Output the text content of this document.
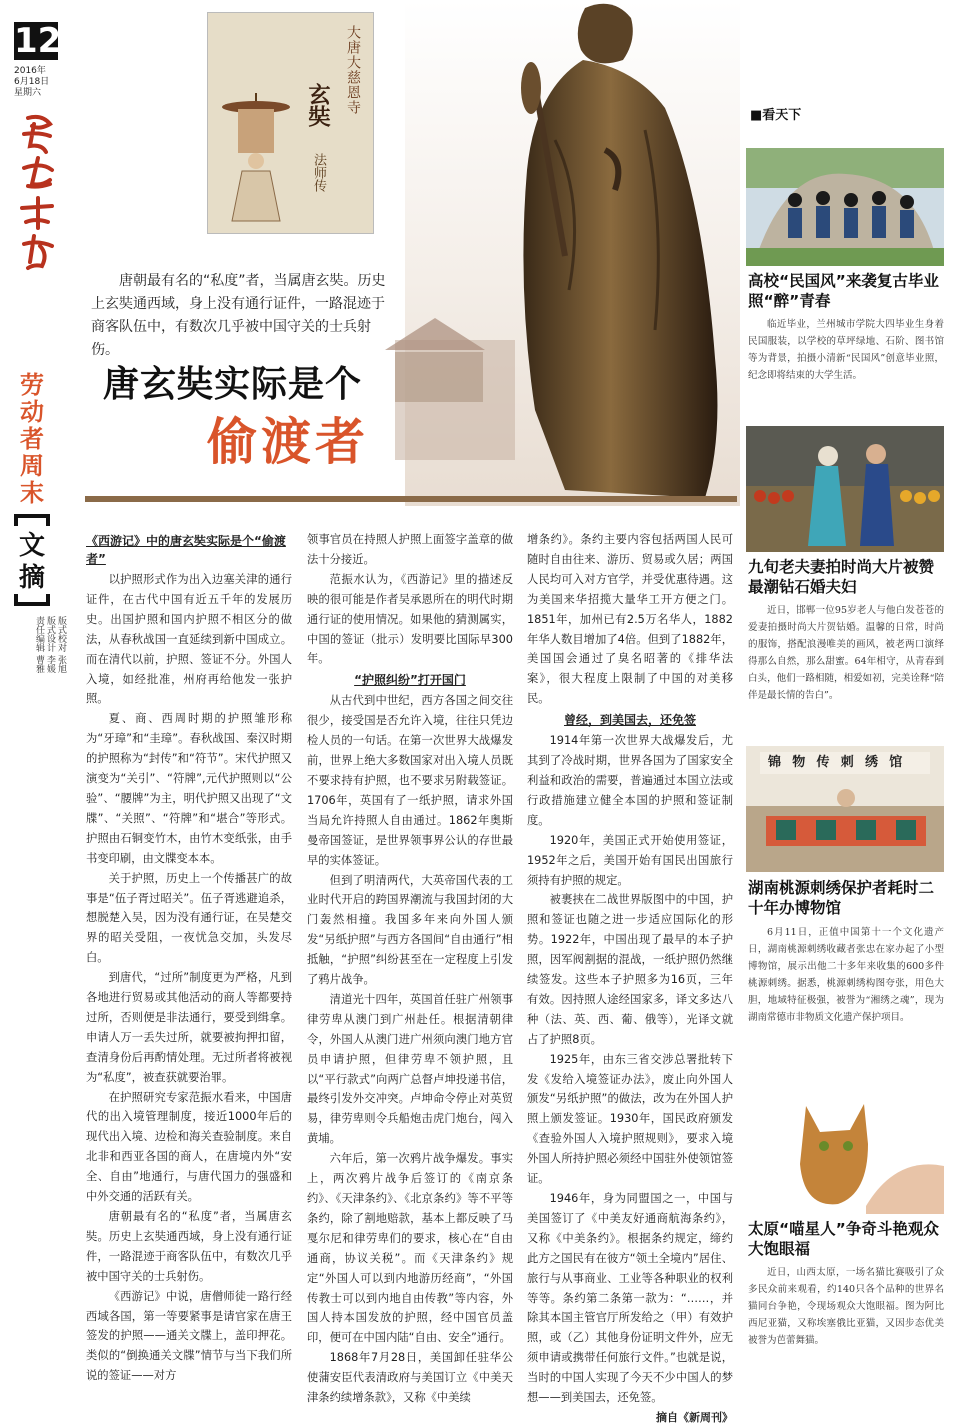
12
2016年
6月18日
星期六
劳动者周末
文摘
版式校对 张旭
版式设计 李媛
责任编辑 曹雅
大唐大慈恩寺
玄奘
法师传
唐朝最有名的“私度”者，当属唐玄奘。历史上玄奘通西域，身上没有通行证件，一路混迹于商客队伍中，有数次几乎被中国守关的士兵射伤。
唐玄奘实际是个
偷渡者
《西游记》中的唐玄奘实际是个“偷渡者”

以护照形式作为出入边塞关津的通行证件，在古代中国有近五千年的发展历史。出国护照和国内护照不相区分的做法，从春秋战国一直延续到新中国成立。而在清代以前，护照、签证不分。外国人入境，如经批准，州府再给他发一张护照。

夏、商、西周时期的护照雏形称为“牙璋”和“圭璋”。春秋战国、秦汉时期的护照称为“封传”和“符节”。宋代护照又演变为“关引”、“符牌”,元代护照则以“公验”、“腰牌”为主，明代护照又出现了“文牒”、“关照”、“符牌”和“堪合”等形式。护照由石铜变竹木，由竹木变纸张，由手书变印刷，由文牒变本本。

关于护照，历史上一个传播甚广的故事是“伍子胥过昭关”。伍子胥逃避追杀，想脱楚入吴，因为没有通行证，在吴楚交界的昭关受阻，一夜忧急交加，头发尽白。

到唐代，“过所”制度更为严格，凡到各地进行贸易或其他活动的商人等都要持过所，否则便是非法通行，要受到缉拿。申请人万一丢失过所，就要被拘押扣留，查清身份后再酌情处理。无过所者将被视为“私度”，被查获就要治罪。

在护照研究专家范振水看来，中国唐代的出入境管理制度，接近1000年后的现代出入境、边检和海关查验制度。来自北非和西亚各国的商人，在唐境内外“安全、自由”地通行，与唐代国力的强盛和中外交通的活跃有关。

唐朝最有名的“私度”者，当属唐玄奘。历史上玄奘通西域，身上没有通行证件，一路混迹于商客队伍中，有数次几乎被中国守关的士兵射伤。

《西游记》中说，唐僧师徒一路行经西域各国，第一等要紧事是请官家在唐王签发的护照——通关文牒上，盖印押花。类似的“倒换通关文牒”情节与当下我们所说的签证——对方

领事官员在持照人护照上面签字盖章的做法十分接近。

范振水认为，《西游记》里的描述反映的很可能是作者吴承恩所在的明代时期通行证的使用情况。如果他的猜测属实，中国的签证（批示）发明要比国际早300年。

“护照纠纷”打开国门

从古代到中世纪，西方各国之间交往很少，接受国是否允许入境，往往只凭边检人员的一句话。在第一次世界大战爆发前，世界上绝大多数国家对出入境人员既不要求持有护照，也不要求另附载签证。1706年，英国有了一纸护照，请求外国当局允许持照人自由通过。1862年奥斯曼帝国签证，是世界领事界公认的存世最早的实体签证。

但到了明清两代，大英帝国代表的工业时代开启的跨国界潮流与我国封闭的大门轰然相撞。我国多年来向外国人颁发“另纸护照”与西方各国间“自由通行”相抵触，“护照”纠纷甚至在一定程度上引发了鸦片战争。

清道光十四年，英国首任驻广州领事律劳卑从澳门到广州赴任。根据清朝律令，外国人从澳门进广州须向澳门地方官员申请护照，但律劳卑不领护照，且以“平行款式”向两广总督卢坤投递书信，最终引发外交冲突。卢坤命令停止对英贸易，律劳卑则令兵船炮击虎门炮台，闯入黄埔。

六年后，第一次鸦片战争爆发。事实上，两次鸦片战争后签订的《南京条约》、《天津条约》、《北京条约》等不平等条约，除了割地赔款，基本上都反映了马戛尔尼和律劳卑们的要求，核心在“自由通商，协议关税”。而《天津条约》规定“外国人可以到内地游历经商”，“外国传教士可以到内地自由传教”等内容，外国人持本国发放的护照，经中国官员盖印，便可在中国内陆“自由、安全”通行。

1868年7月28日，美国卸任驻华公使蒲安臣代表清政府与美国订立《中美天津条约续增条款》，又称《中美续

增条约》。条约主要内容包括两国人民可随时自由往来、游历、贸易或久居；两国人民均可入对方官学，并受优惠待遇。这为美国来华招揽大量华工开方便之门。1851年，加州已有2.5万名华人，1882年华人数目增加了4倍。但到了1882年，美国国会通过了臭名昭著的《排华法案》，很大程度上限制了中国的对美移民。

曾经，到美国去，还免签

1914年第一次世界大战爆发后，尤其到了冷战时期，世界各国为了国家安全利益和政治的需要，普遍通过本国立法或行政措施建立健全本国的护照和签证制度。

1920年，美国正式开始使用签证，1952年之后，美国开始有国民出国旅行须持有护照的规定。

被裹挟在二战世界版图中的中国，护照和签证也随之进一步适应国际化的形势。1922年，中国出现了最早的本子护照，因军阀割据的混战，一纸护照仍然继续签发。这些本子护照多为16页，三年有效。因持照人途经国家多，译文多达八种（法、英、西、葡、俄等），光译文就占了护照8页。

1925年，由东三省交涉总署批转下发《发给入境签证办法》，废止向外国人颁发“另纸护照”的做法，改为在外国人护照上颁发签证。1930年，国民政府颁发《查验外国人入境护照规则》，要求入境外国人所持护照必须经中国驻外使领馆签证。

1946年，身为同盟国之一，中国与美国签订了《中美友好通商航海条约》，又称《中美条约》。根据条约规定，缔约此方之国民有在彼方“领土全境内”居住、旅行与从事商业、工业等各种职业的权利等等。条约第二条第一款为：“……，并除其本国主管官厅所发给之（甲）有效护照，或（乙）其他身份证明文件外，应无须申请或携带任何旅行文件。”也就是说，当时的中国人实现了今天不少中国人的梦想——到美国去，还免签。

摘自《新周刊》

■看天下
高校“民国风”来袭复古毕业照“醉”青春
临近毕业，兰州城市学院大四毕业生身着民国服装，以学校的草坪绿地、石阶、图书馆等为背景，拍摄小清新“民国风”创意毕业照，纪念即将结束的大学生活。
九旬老夫妻拍时尚大片被赞最潮钻石婚夫妇
近日，邯郸一位95岁老人与他白发苍苍的爱妻拍摄时尚大片贺钻婚。温馨的日常，时尚的服饰，搭配浪漫唯美的画风，被老两口演绎得那么自然，那么甜蜜。64年相守，从青春到白头，他们一路相随，相爱如初，完美诠释“陪伴是最长情的告白”。
锦 物 传 刺 绣 馆
湖南桃源刺绣保护者耗时二十年办博物馆
6月11日，正值中国第十一个文化遗产日，湖南桃源刺绣收藏者张忠在家办起了小型博物馆，展示出他二十多年来收集的600多件桃源刺绣。据悉，桃源刺绣构图夸张，用色大胆，地域特征极强，被誉为“湘绣之魂”，现为湖南常德市非物质文化遗产保护项目。
太原“喵星人”争奇斗艳观众大饱眼福
近日，山西太原，一场名猫比赛吸引了众多民众前来观看，约140只各个品种的世界名猫同台争艳，令现场观众大饱眼福。图为阿比西尼亚猫，又称埃塞俄比亚猫，又因步态优美被誉为芭蕾舞猫。
